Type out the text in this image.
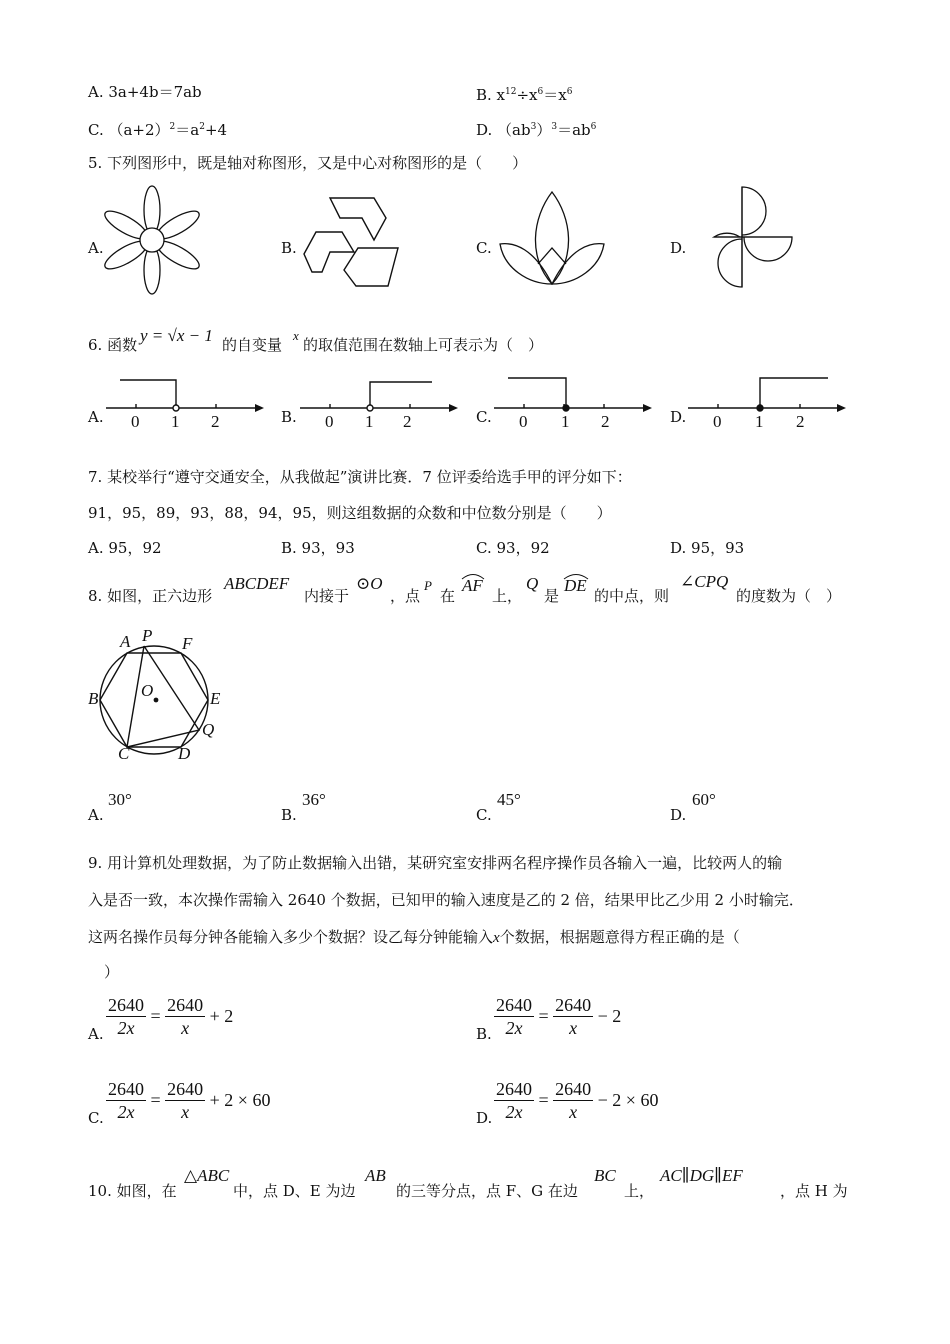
A. 3a+4b＝7ab	B. $x^{12}\div x^6=x^6$
C. $(a+2)^2=a^2+4$	D. $(ab^3)^3=ab^6$
5. 下列图形中，既是轴对称图形，又是中心对称图形的是（　　）
A.	B.	C.	D.
6. 函数 y = √x − 1 的自变量
x
的取值范围在数轴上可表示为（　）
A.	B.	C.	D.
0 1 2	0 1 2	0 1 2	0 1 2
7. 某校举行“遵守交通安全，从我做起”演讲比赛．7 位评委给选手甲的评分如下：
91，95，89，93，88，94，95，则这组数据的众数和中位数分别是（　　）
A. 95，92	B. 93，93	C. 93，92	D. 95，93
8. 如图，正六边形
ABCDEF
内接于
⊙O
，点
P
在
AF
上，
Q
是
DE
的中点，则
∠CPQ
的度数为（　）
A P F
B	O	E
Q
C	D
A.
30°
B.
36°
C.
45°
D.
60°
9. 用计算机处理数据，为了防止数据输入出错，某研究室安排两名程序操作员各输入一遍，比较两人的输
入是否一致，本次操作需输入 2640 个数据，已知甲的输入速度是乙的 2 倍，结果甲比乙少用 2 小时输完．
这两名操作员每分钟各能输入多少个数据？设乙每分钟能输入x个数据，根据题意得方程正确的是（
）
A. $\frac{2640}{2x} = \frac{2640}{x} + 2$
B. $\frac{2640}{2x} = \frac{2640}{x} - 2$
C. $\frac{2640}{2x} = \frac{2640}{x} + 2 \times 60$
D. $\frac{2640}{2x} = \frac{2640}{x} - 2 \times 60$
10. 如图，在
△ABC
中，点 D、E 为边
AB
的三等分点，点 F、G 在边
BC
上，
AC∥DG∥EF
，点 H 为
